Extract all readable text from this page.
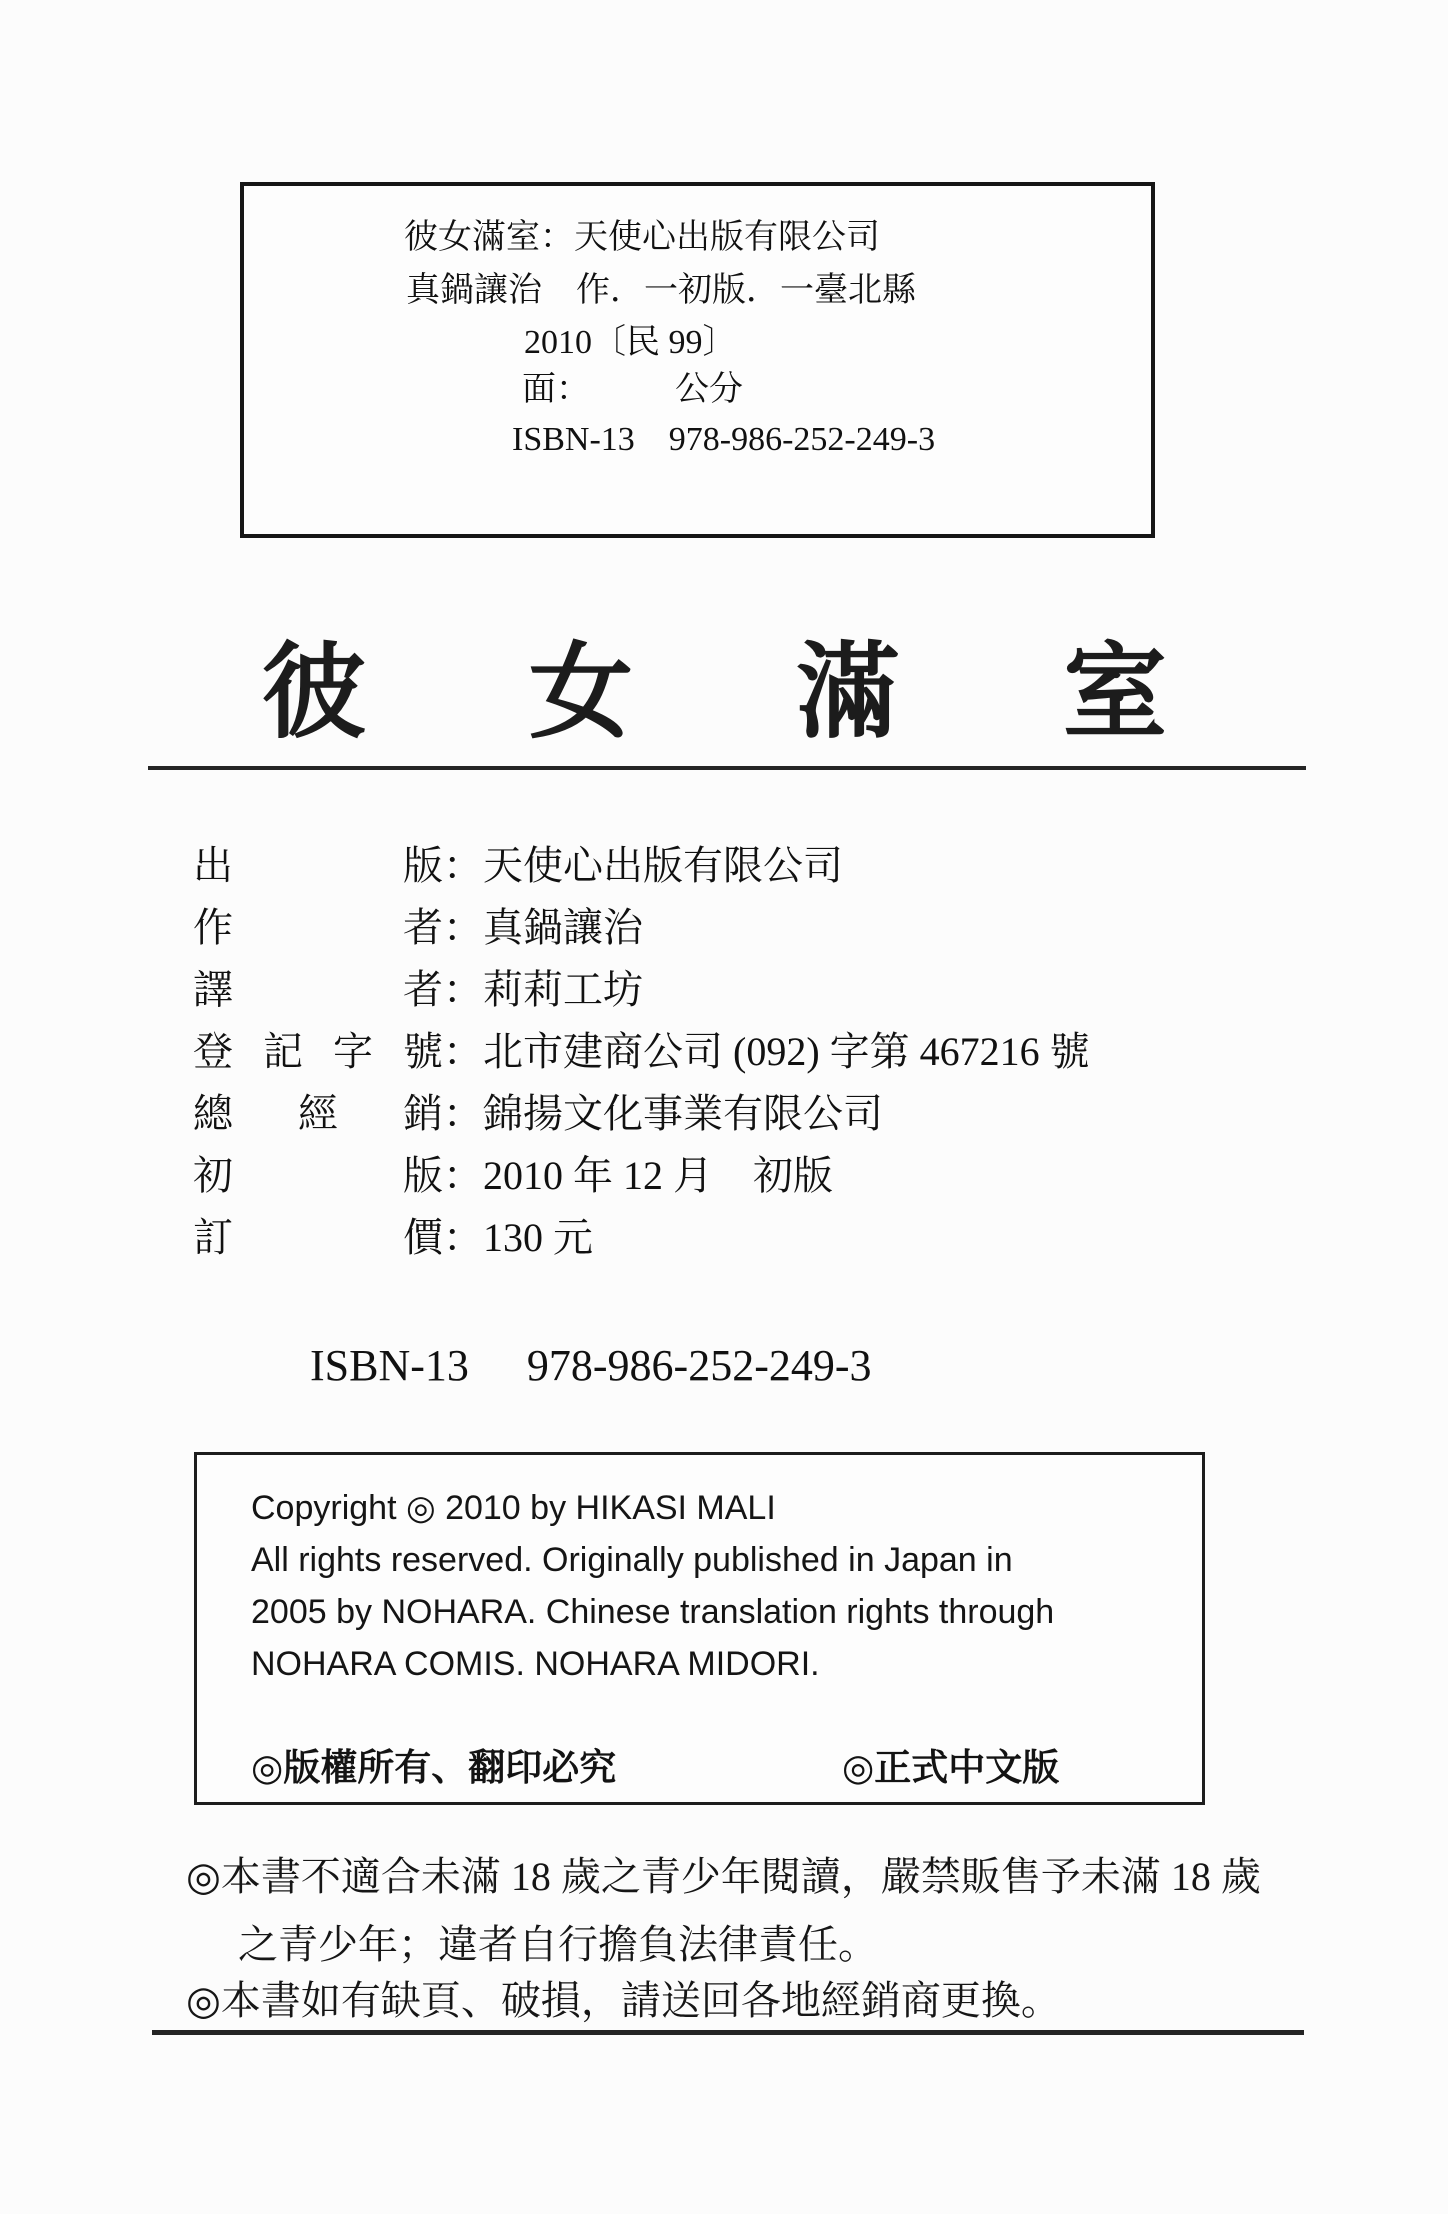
彼女滿室：天使心出版有限公司
真鍋讓治　作．一初版．一臺北縣
2010〔民 99〕
面：　　　公分
ISBN-13　978-986-252-249-3
彼 女 滿 室
出版 ： 天使心出版有限公司
作者 ： 真鍋讓治
譯者 ： 莉莉工坊
登記字號 ： 北市建商公司 (092) 字第 467216 號
總經銷 ： 錦揚文化事業有限公司
初版 ： 2010 年 12 月　初版
訂價 ： 130 元
ISBN-13 978-986-252-249-3
Copyright ◎ 2010 by HIKASI MALI
All rights reserved. Originally published in Japan in
2005 by NOHARA. Chinese translation rights through
NOHARA COMIS. NOHARA MIDORI.
◎版權所有、翻印必究	◎正式中文版
◎本書不適合未滿 18 歲之青少年閱讀，嚴禁販售予未滿 18 歲
之青少年；違者自行擔負法律責任。
◎本書如有缺頁、破損，請送回各地經銷商更換。
